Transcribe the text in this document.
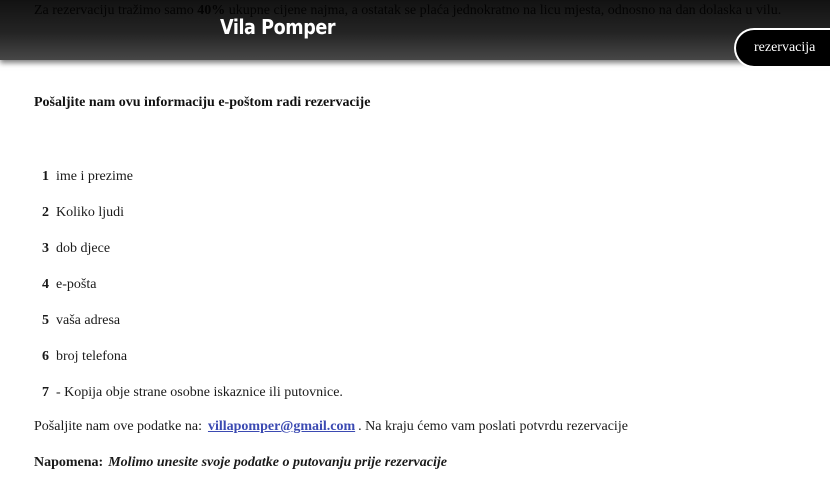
Vila Pomper
rezervacija

Pošaljite nam ovu informaciju e-poštom radi rezervacije

1 ime i prezime
2 Koliko ljudi
3 dob djece
4 e-pošta
5 vaša adresa
6 broj telefona
7 - Kopija obje strane osobne iskaznice ili putovnice.

Pošaljite nam ove podatke na: villapomper@gmail.com . Na kraju ćemo vam poslati potvrdu rezervacije

Napomena: Molimo unesite svoje podatke o putovanju prije rezervacije
